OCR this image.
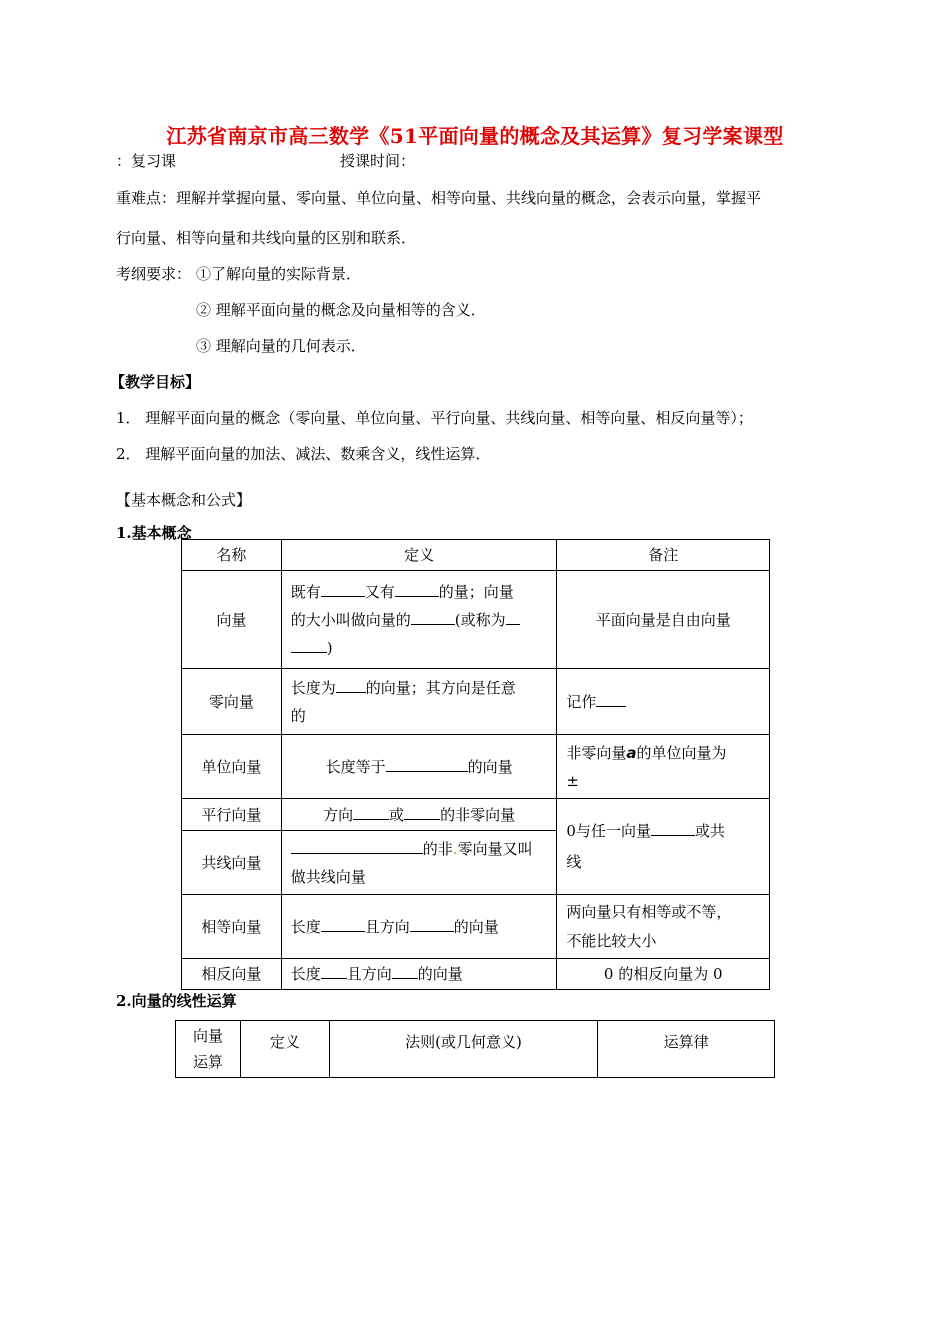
江苏省南京市高三数学《51平面向量的概念及其运算》复习学案课型
：复习课	授课时间：
重难点：理解并掌握向量、零向量、单位向量、相等向量、共线向量的概念，会表示向量，掌握平
行向量、相等向量和共线向量的区别和联系．
考纲要求： ①了解向量的实际背景．
② 理解平面向量的概念及向量相等的含义．
③ 理解向量的几何表示．
【教学目标】
1． 理解平面向量的概念（零向量、单位向量、平行向量、共线向量、相等向量、相反向量等）；
2． 理解平面向量的加法、减法、数乘含义，线性运算．
【基本概念和公式】
1.基本概念
名称	定义	备注
向量	既有 又有 的量；向量
的大小叫做向量的 (或称为
)	平面向量是自由向量
零向量	长度为 的向量；其方向是任意
的	记作
单位向量	长度等于 的向量	非零向量a的单位向量为
±
平行向量	方向 或 的非零向量	0与任一向量 或共
线
共线向量	的非.零向量又叫
做共线向量	
相等向量	长度 且方向 的向量	两向量只有相等或不等，
不能比较大小
相反向量	长度 且方向 的向量	0 的相反向量为 0
2.向量的线性运算
向量
运算	定义	法则(或几何意义)	运算律
